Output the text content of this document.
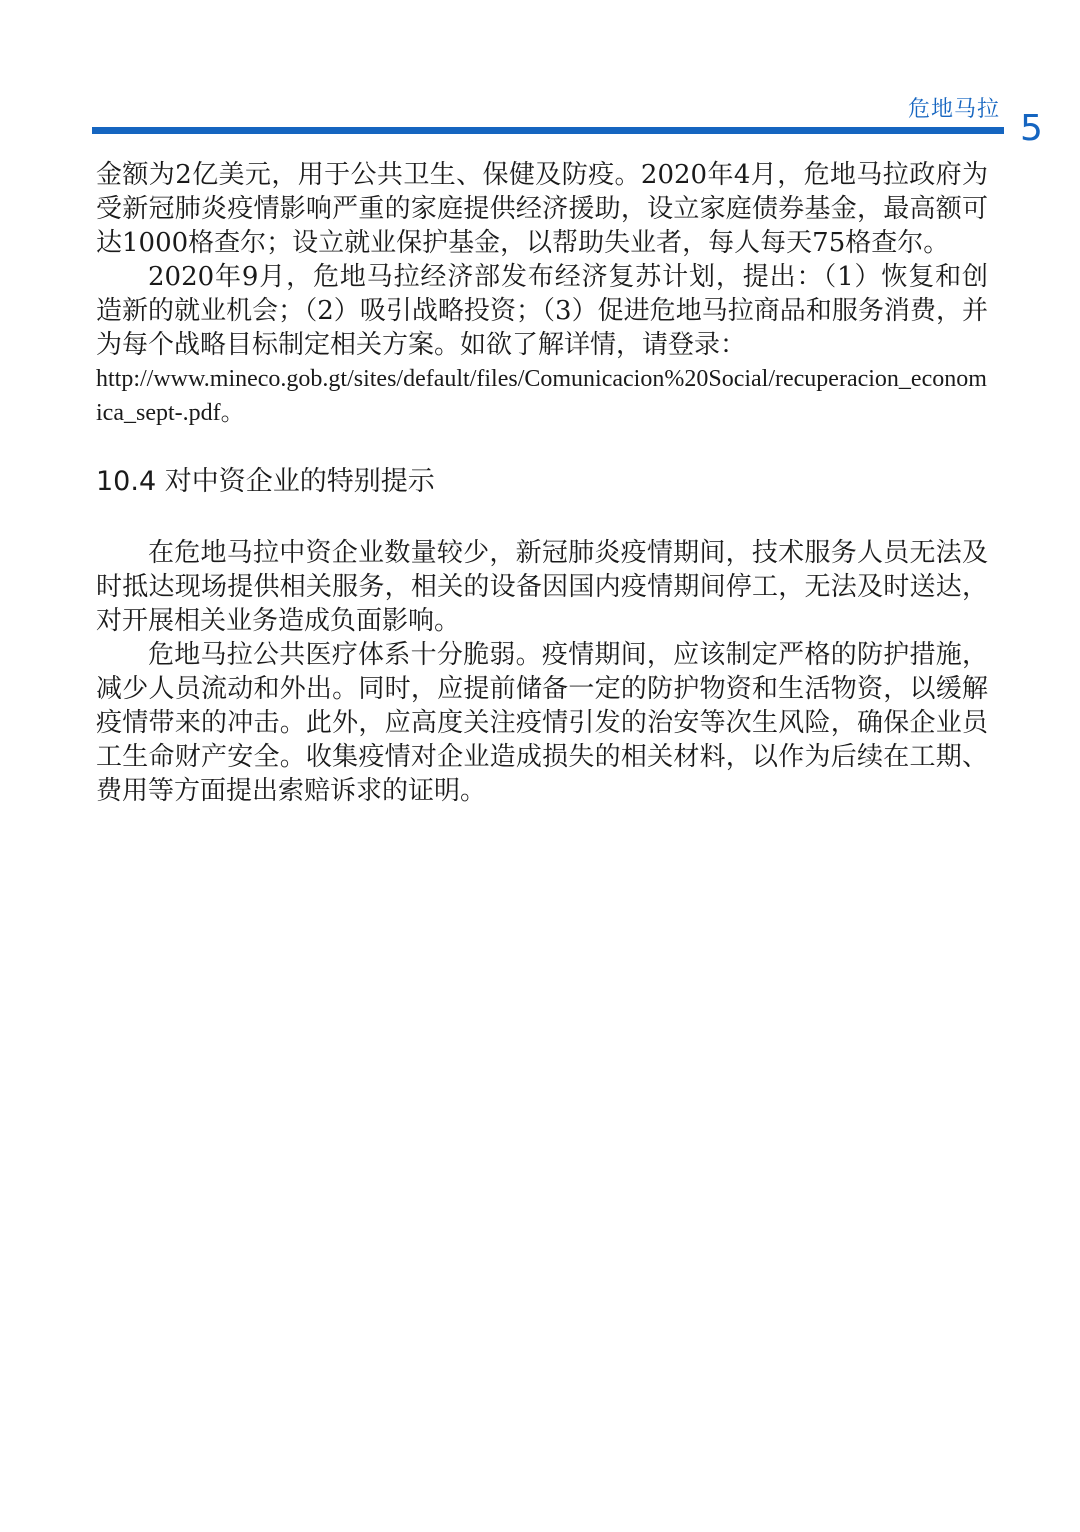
危地马拉 5

金额为2亿美元，用于公共卫生、保健及防疫。2020年4月，危地马拉政府为受新冠肺炎疫情影响严重的家庭提供经济援助，设立家庭债券基金，最高额可达1000格查尔；设立就业保护基金，以帮助失业者，每人每天75格查尔。

2020年9月，危地马拉经济部发布经济复苏计划，提出：（1）恢复和创造新的就业机会；（2）吸引战略投资；（3）促进危地马拉商品和服务消费，并为每个战略目标制定相关方案。如欲了解详情，请登录：

http://www.mineco.gob.gt/sites/default/files/Comunicacion%20Social/recuperacion_economica_sept-.pdf。

10.4 对中资企业的特别提示

在危地马拉中资企业数量较少，新冠肺炎疫情期间，技术服务人员无法及时抵达现场提供相关服务，相关的设备因国内疫情期间停工，无法及时送达，对开展相关业务造成负面影响。

危地马拉公共医疗体系十分脆弱。疫情期间，应该制定严格的防护措施，减少人员流动和外出。同时，应提前储备一定的防护物资和生活物资，以缓解疫情带来的冲击。此外，应高度关注疫情引发的治安等次生风险，确保企业员工生命财产安全。收集疫情对企业造成损失的相关材料，以作为后续在工期、费用等方面提出索赔诉求的证明。
